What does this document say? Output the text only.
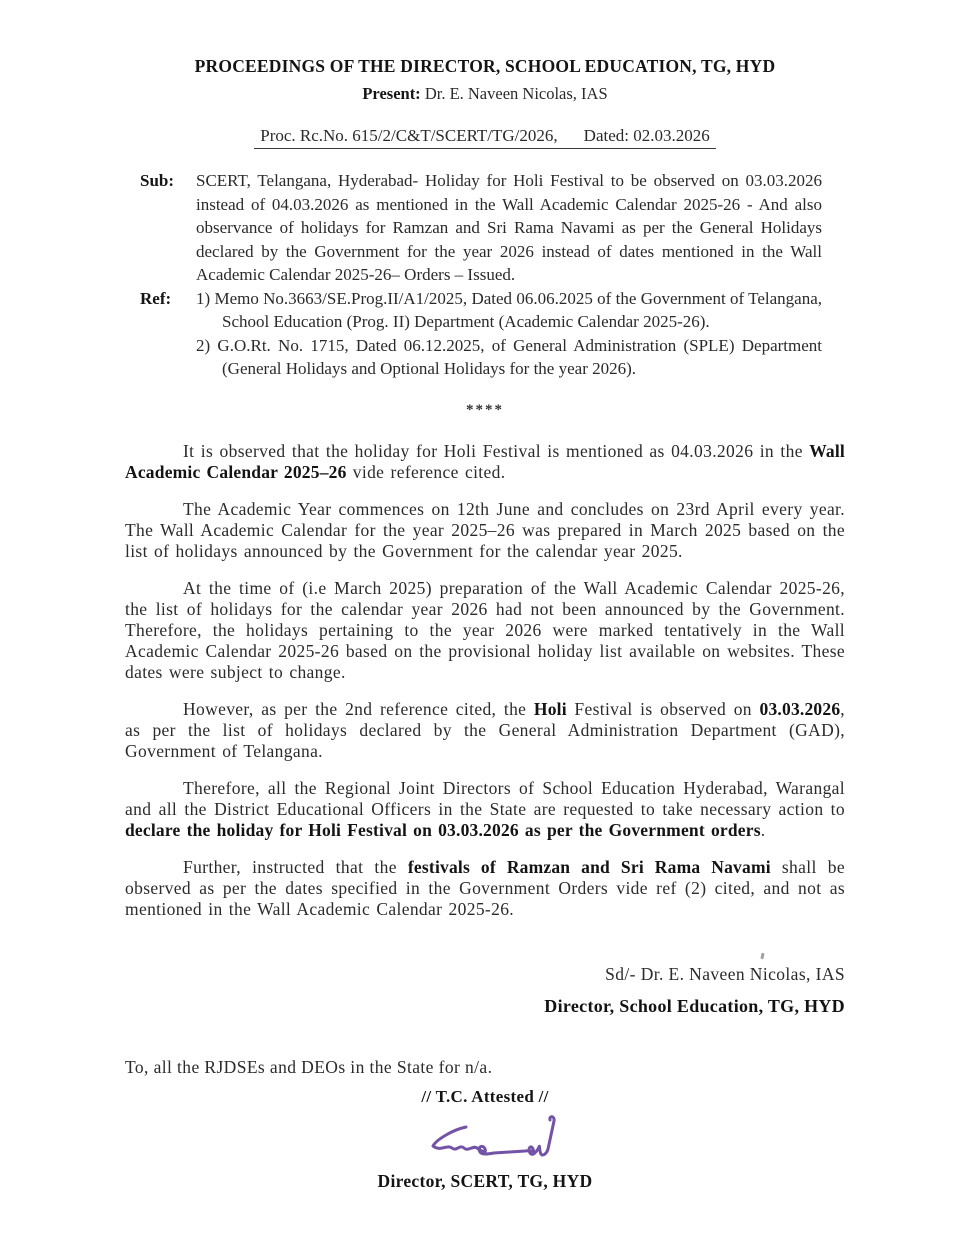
PROCEEDINGS OF THE DIRECTOR, SCHOOL EDUCATION, TG, HYD
Present: Dr. E. Naveen Nicolas, IAS
Proc. Rc.No. 615/2/C&T/SCERT/TG/2026, Dated: 02.03.2026
Sub:	SCERT, Telangana, Hyderabad- Holiday for Holi Festival to be observed on 03.03.2026 instead of 04.03.2026 as mentioned in the Wall Academic Calendar 2025-26 - And also observance of holidays for Ramzan and Sri Rama Navami as per the General Holidays declared by the Government for the year 2026 instead of dates mentioned in the Wall Academic Calendar 2025-26– Orders – Issued.
Ref:	1) Memo No.3663/SE.Prog.II/A1/2025, Dated 06.06.2025 of the Government of Telangana, School Education (Prog. II) Department (Academic Calendar 2025-26).
2) G.O.Rt. No. 1715, Dated 06.12.2025, of General Administration (SPLE) Department (General Holidays and Optional Holidays for the year 2026).
****

It is observed that the holiday for Holi Festival is mentioned as 04.03.2026 in the Wall Academic Calendar 2025–26 vide reference cited.

The Academic Year commences on 12th June and concludes on 23rd April every year. The Wall Academic Calendar for the year 2025–26 was prepared in March 2025 based on the list of holidays announced by the Government for the calendar year 2025.

At the time of (i.e March 2025) preparation of the Wall Academic Calendar 2025-26, the list of holidays for the calendar year 2026 had not been announced by the Government. Therefore, the holidays pertaining to the year 2026 were marked tentatively in the Wall Academic Calendar 2025-26 based on the provisional holiday list available on websites. These dates were subject to change.

However, as per the 2nd reference cited, the Holi Festival is observed on 03.03.2026, as per the list of holidays declared by the General Administration Department (GAD), Government of Telangana.

Therefore, all the Regional Joint Directors of School Education Hyderabad, Warangal and all the District Educational Officers in the State are requested to take necessary action to declare the holiday for Holi Festival on 03.03.2026 as per the Government orders.

Further, instructed that the festivals of Ramzan and Sri Rama Navami shall be observed as per the dates specified in the Government Orders vide ref (2) cited, and not as mentioned in the Wall Academic Calendar 2025-26.

Sd/- Dr. E. Naveen Nicolas, IAS
Director, School Education, TG, HYD
To, all the RJDSEs and DEOs in the State for n/a.
// T.C. Attested //
Director, SCERT, TG, HYD
